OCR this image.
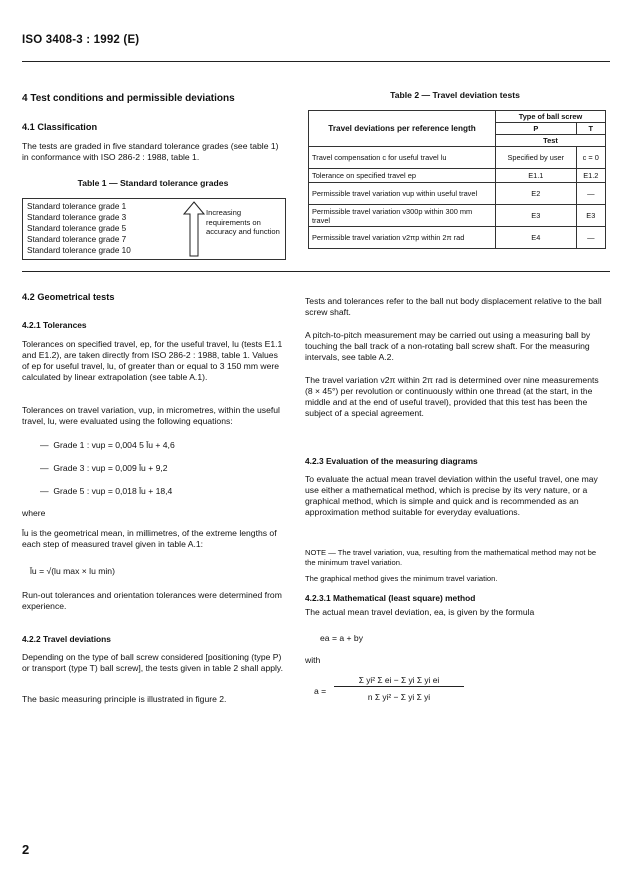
ISO 3408-3 : 1992 (E)
4 Test conditions and permissible deviations
4.1 Classification

The tests are graded in five standard tolerance grades (see table 1) in conformance with ISO 286-2 : 1988, table 1.

Table 1 — Standard tolerance grades
Standard tolerance grade 1
Standard tolerance grade 3
Standard tolerance grade 5
Standard tolerance grade 7
Standard tolerance grade 10
Increasing requirements on accuracy and function
4.2 Geometrical tests
4.2.1 Tolerances

Tolerances on specified travel, ep, for the useful travel, lu (tests E1.1 and E1.2), are taken directly from ISO 286-2 : 1988, table 1. Values of ep for useful travel, lu, of greater than or equal to 3 150 mm were calculated by linear extrapolation (see table A.1).

Tolerances on travel variation, vup, in micrometres, within the useful travel, lu, were evaluated using the following equations:

—  Grade 1 : vup = 0,004 5 l̄u + 4,6
—  Grade 3 : vup = 0,009 l̄u + 9,2
—  Grade 5 : vup = 0,018 l̄u + 18,4

where

l̄u is the geometrical mean, in millimetres, of the extreme lengths of each step of measured travel given in table A.1:

l̄u = √(lu max × lu min)

Run-out tolerances and orientation tolerances were determined from experience.

4.2.2 Travel deviations

Depending on the type of ball screw considered [positioning (type P) or transport (type T) ball screw], the tests given in table 2 shall apply.

The basic measuring principle is illustrated in figure 2.

Table 2 — Travel deviation tests
Travel deviations per reference length	Type of ball screw	
	P	T
	Test	
Travel compensation c for useful travel lu	Specified by user	c = 0
Tolerance on specified travel ep	E1.1	E1.2
Permissible travel variation vup within useful travel	E2	—
Permissible travel variation v300p within 300 mm travel	E3	E3
Permissible travel variation v2πp within 2π rad	E4	—

Tests and tolerances refer to the ball nut body displacement relative to the ball screw shaft.

A pitch-to-pitch measurement may be carried out using a measuring ball by touching the ball track of a non-rotating ball screw shaft. For the measuring intervals, see table A.2.

The travel variation v2π within 2π rad is determined over nine measurements (8 × 45°) per revolution or continuously within one thread (at the start, in the middle and at the end of useful travel), provided that this test has been the subject of a special agreement.

4.2.3 Evaluation of the measuring diagrams

To evaluate the actual mean travel deviation within the useful travel, one may use either a mathematical method, which is precise by its very nature, or a graphical method, which is simple and quick and is recommended as an approximation method suitable for everyday evaluations.

NOTE — The travel variation, vua, resulting from the mathematical method may not be the minimum travel variation.

The graphical method gives the minimum travel variation.

4.2.3.1 Mathematical (least square) method

The actual mean travel deviation, ea, is given by the formula

ea = a + by

with

a =
Σ yi² Σ ei − Σ yi Σ yi ei
n Σ yi² − Σ yi Σ yi
2
